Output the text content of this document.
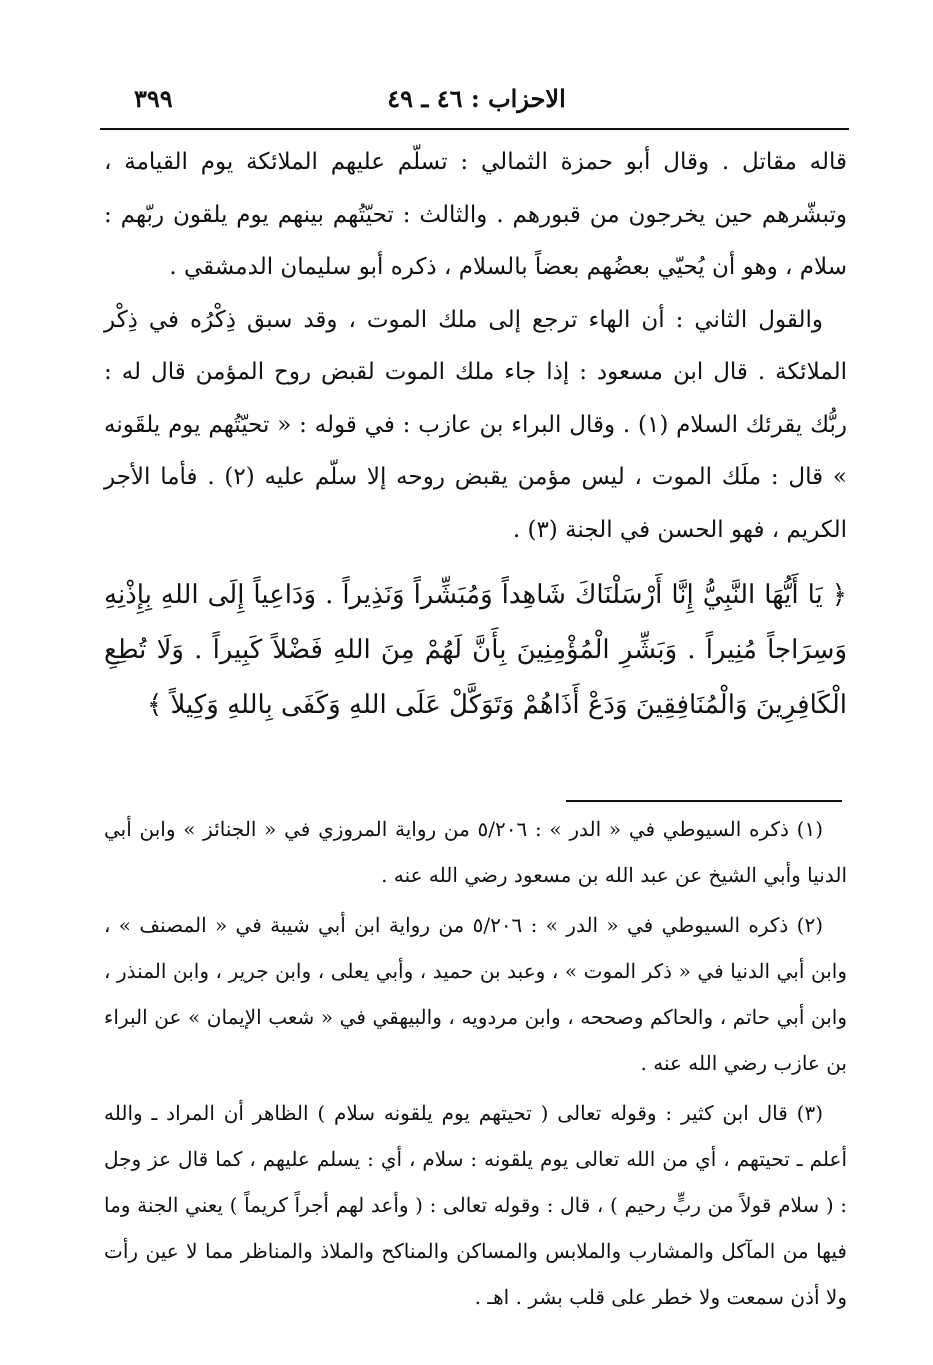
الاحزاب : ٤٦ ـ ٤٩
٣٩٩

قاله مقاتل . وقال أبو حمزة الثمالي : تسلّم عليهم الملائكة يوم القيامة ، وتبشّرهم حين يخرجون من قبورهم . والثالث : تحيّتُهم بينهم يوم يلقون ربّهم : سلام ، وهو أن يُحيّي بعضُهم بعضاً بالسلام ، ذكره أبو سليمان الدمشقي .

والقول الثاني : أن الهاء ترجع إلى ملك الموت ، وقد سبق ذِكْرُه في ذِكْر الملائكة . قال ابن مسعود : إذا جاء ملك الموت لقبض روح المؤمن قال له : ربُّك يقرئك السلام (١) . وقال البراء بن عازب : في قوله : « تحيّتُهم يوم يلقَونه » قال : ملَك الموت ، ليس مؤمن يقبض روحه إلا سلّم عليه (٢) . فأما الأجر الكريم ، فهو الحسن في الجنة (٣) .

﴿ يَا أَيُّهَا النَّبِيُّ إِنَّا أَرْسَلْنَاكَ شَاهِداً وَمُبَشِّراً وَنَذِيراً . وَدَاعِياً إِلَى اللهِ بِإِذْنِهِ وَسِرَاجاً مُنِيراً . وَبَشِّرِ الْمُؤْمِنِينَ بِأَنَّ لَهُمْ مِنَ اللهِ فَضْلاً كَبِيراً . وَلَا تُطِعِ الْكَافِرِينَ وَالْمُنَافِقِينَ وَدَعْ أَذَاهُمْ وَتَوَكَّلْ عَلَى اللهِ وَكَفَى بِاللهِ وَكِيلاً ﴾

(١) ذكره السيوطي في « الدر » : ٥/٢٠٦ من رواية المروزي في « الجنائز » وابن أبي الدنيا وأبي الشيخ عن عبد الله بن مسعود رضي الله عنه .

(٢) ذكره السيوطي في « الدر » : ٥/٢٠٦ من رواية ابن أبي شيبة في « المصنف » ، وابن أبي الدنيا في « ذكر الموت » ، وعبد بن حميد ، وأبي يعلى ، وابن جرير ، وابن المنذر ، وابن أبي حاتم ، والحاكم وصححه ، وابن مردويه ، والبيهقي في « شعب الإيمان » عن البراء بن عازب رضي الله عنه .

(٣) قال ابن كثير : وقوله تعالى ( تحيتهم يوم يلقونه سلام ) الظاهر أن المراد ـ والله أعلم ـ تحيتهم ، أي من الله تعالى يوم يلقونه : سلام ، أي : يسلم عليهم ، كما قال عز وجل : ( سلام قولاً من ربٍّ رحيم ) ، قال : وقوله تعالى : ( وأعد لهم أجراً كريماً ) يعني الجنة وما فيها من المآكل والمشارب والملابس والمساكن والمناكح والملاذ والمناظر مما لا عين رأت ولا أذن سمعت ولا خطر على قلب بشر . اهـ .
